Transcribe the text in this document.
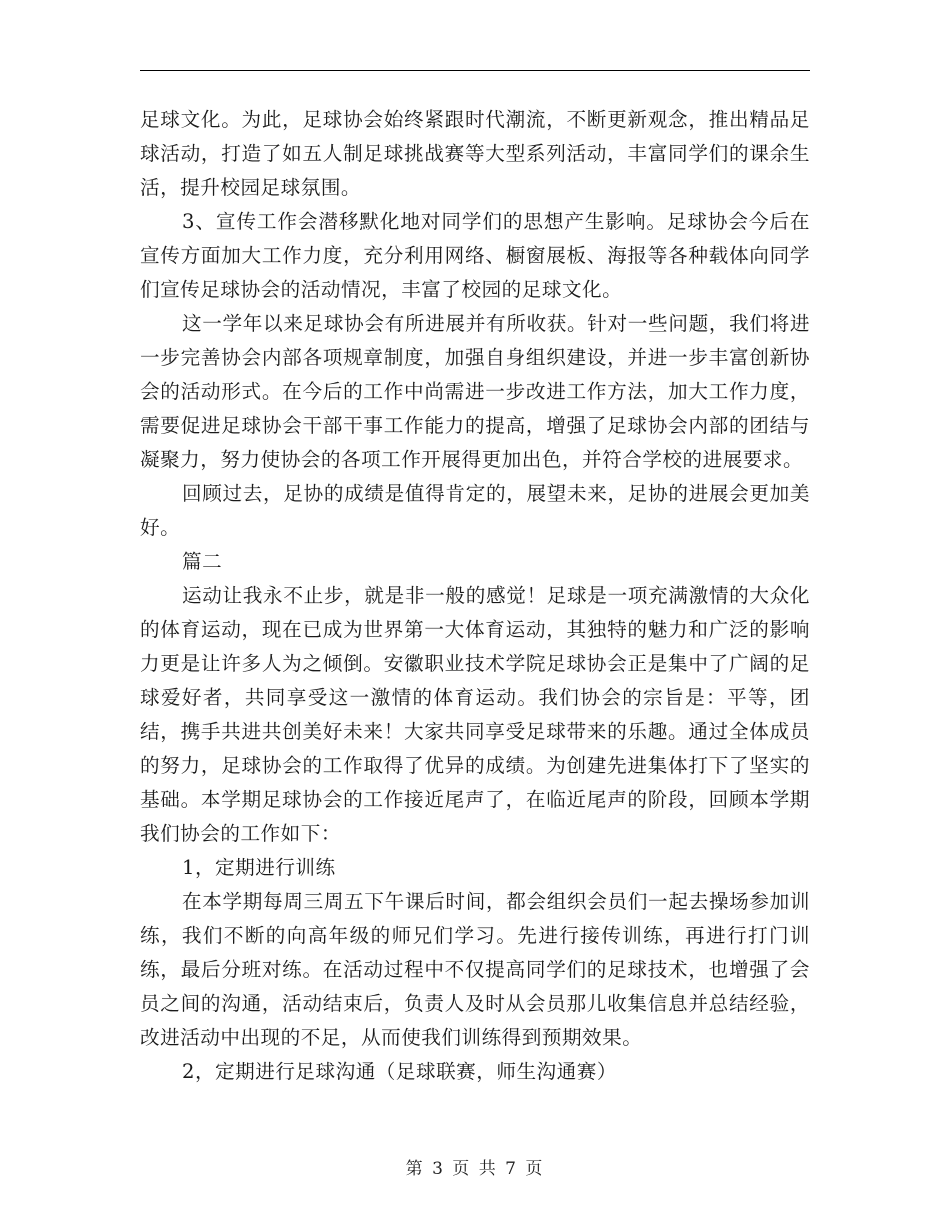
足球文化。为此，足球协会始终紧跟时代潮流，不断更新观念，推出精品足球活动，打造了如五人制足球挑战赛等大型系列活动，丰富同学们的课余生活，提升校园足球氛围。

3、宣传工作会潜移默化地对同学们的思想产生影响。足球协会今后在宣传方面加大工作力度，充分利用网络、橱窗展板、海报等各种载体向同学们宣传足球协会的活动情况，丰富了校园的足球文化。

这一学年以来足球协会有所进展并有所收获。针对一些问题，我们将进一步完善协会内部各项规章制度，加强自身组织建设，并进一步丰富创新协会的活动形式。在今后的工作中尚需进一步改进工作方法，加大工作力度，需要促进足球协会干部干事工作能力的提高，增强了足球协会内部的团结与凝聚力，努力使协会的各项工作开展得更加出色，并符合学校的进展要求。

回顾过去，足协的成绩是值得肯定的，展望未来，足协的进展会更加美好。

篇二

运动让我永不止步，就是非一般的感觉！足球是一项充满激情的大众化的体育运动，现在已成为世界第一大体育运动，其独特的魅力和广泛的影响力更是让许多人为之倾倒。安徽职业技术学院足球协会正是集中了广阔的足球爱好者，共同享受这一激情的体育运动。我们协会的宗旨是：平等，团结，携手共进共创美好未来！大家共同享受足球带来的乐趣。通过全体成员的努力，足球协会的工作取得了优异的成绩。为创建先进集体打下了坚实的基础。本学期足球协会的工作接近尾声了，在临近尾声的阶段，回顾本学期我们协会的工作如下：

1，定期进行训练

在本学期每周三周五下午课后时间，都会组织会员们一起去操场参加训练，我们不断的向高年级的师兄们学习。先进行接传训练，再进行打门训练，最后分班对练。在活动过程中不仅提高同学们的足球技术，也增强了会员之间的沟通，活动结束后，负责人及时从会员那儿收集信息并总结经验，改进活动中出现的不足，从而使我们训练得到预期效果。

2，定期进行足球沟通（足球联赛，师生沟通赛）

第 3 页 共 7 页
